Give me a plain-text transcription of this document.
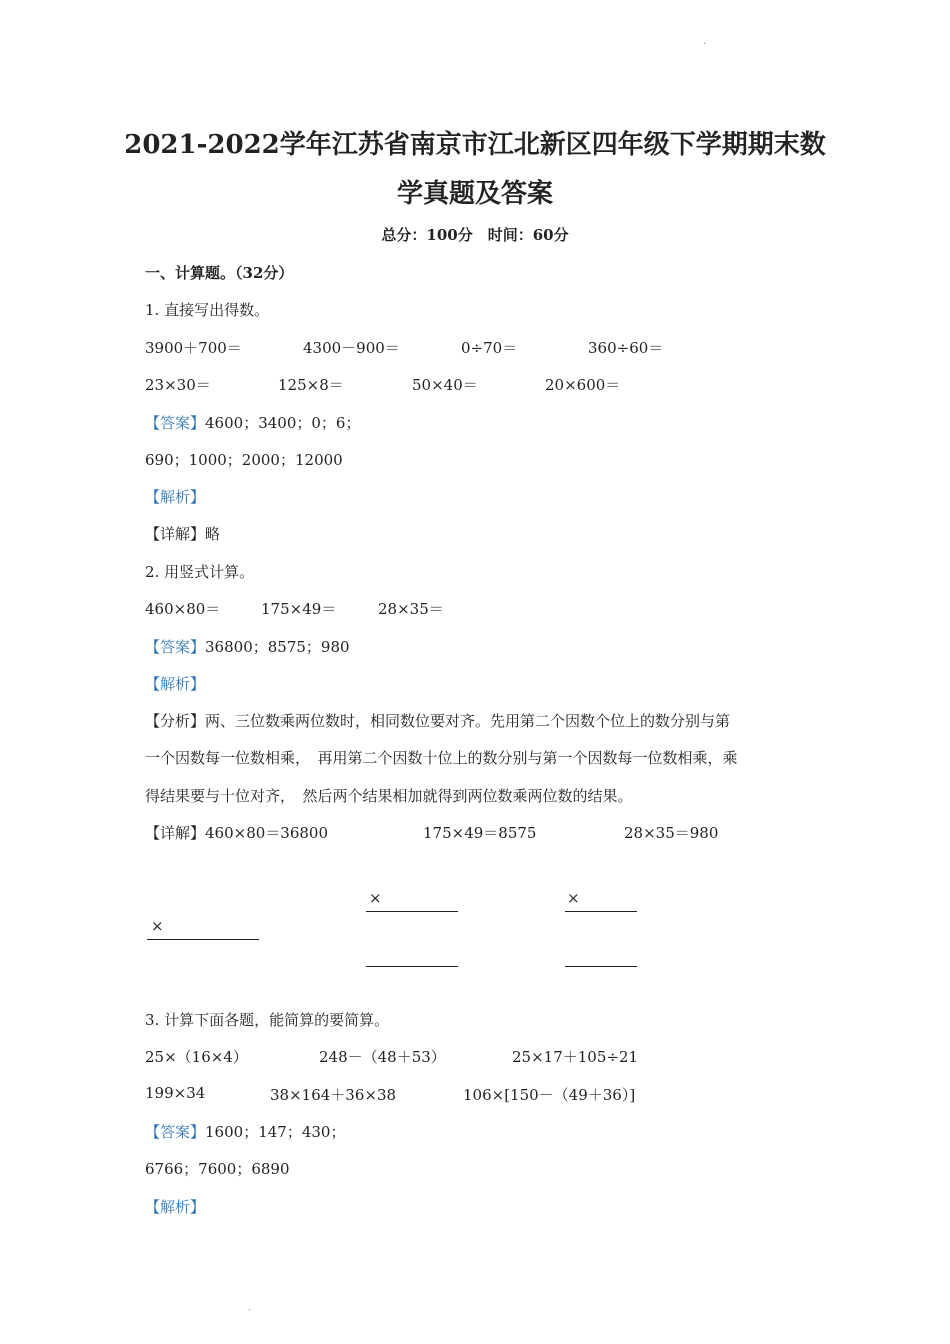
.
.
2021-2022学年江苏省南京市江北新区四年级下学期期末数
学真题及答案
总分：100分　时间：60分
一、计算题。（32分）
1. 直接写出得数。
3900＋700＝	4300－900＝	0÷70＝	360÷60＝
23×30＝	125×8＝	50×40＝	20×600＝
【答案】4600；3400；0；6；
690；1000；2000；12000
【解析】
【详解】略
2. 用竖式计算。
460×80＝	175×49＝	28×35＝
【答案】36800；8575；980
【解析】
【分析】两、三位数乘两位数时，相同数位要对齐。先用第二个因数个位上的数分别与第
一个因数每一位数相乘，　再用第二个因数十位上的数分别与第一个因数每一位数相乘，乘
得结果要与十位对齐，　然后两个结果相加就得到两位数乘两位数的结果。
【详解】460×80＝36800	175×49＝8575	28×35＝980
×
×	×
3. 计算下面各题，能简算的要简算。
25×（16×4）	248－（48＋53）	25×17＋105÷21
199×34	38×164＋36×38	106×[150－（49＋36）]
【答案】1600；147；430；
6766；7600；6890
【解析】
